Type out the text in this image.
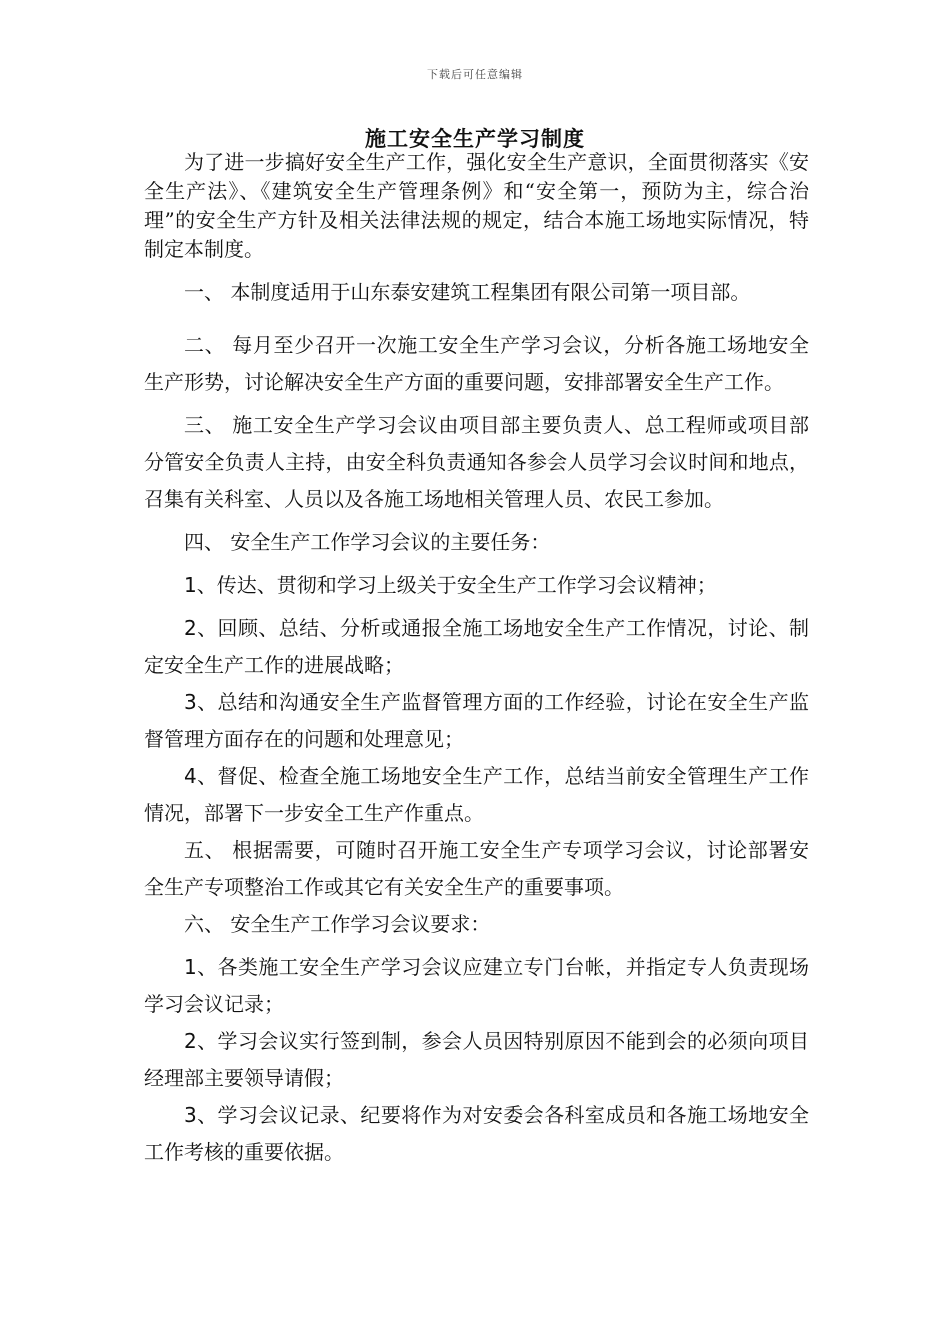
下载后可任意编辑
施工安全生产学习制度

为了进一步搞好安全生产工作，强化安全生产意识，全面贯彻落实《安全生产法》、《建筑安全生产管理条例》和“安全第一，预防为主，综合治理”的安全生产方针及相关法律法规的规定，结合本施工场地实际情况，特制定本制度。

一、 本制度适用于山东泰安建筑工程集团有限公司第一项目部。

二、 每月至少召开一次施工安全生产学习会议，分析各施工场地安全生产形势，讨论解决安全生产方面的重要问题，安排部署安全生产工作。

三、 施工安全生产学习会议由项目部主要负责人、总工程师或项目部分管安全负责人主持，由安全科负责通知各参会人员学习会议时间和地点，召集有关科室、人员以及各施工场地相关管理人员、农民工参加。

四、 安全生产工作学习会议的主要任务：

1、传达、贯彻和学习上级关于安全生产工作学习会议精神；

2、回顾、总结、分析或通报全施工场地安全生产工作情况，讨论、制定安全生产工作的进展战略；

3、总结和沟通安全生产监督管理方面的工作经验，讨论在安全生产监督管理方面存在的问题和处理意见；

4、督促、检查全施工场地安全生产工作，总结当前安全管理生产工作情况，部署下一步安全工生产作重点。

五、 根据需要，可随时召开施工安全生产专项学习会议，讨论部署安全生产专项整治工作或其它有关安全生产的重要事项。

六、 安全生产工作学习会议要求：

1、各类施工安全生产学习会议应建立专门台帐，并指定专人负责现场学习会议记录；

2、学习会议实行签到制，参会人员因特别原因不能到会的必须向项目经理部主要领导请假；

3、学习会议记录、纪要将作为对安委会各科室成员和各施工场地安全工作考核的重要依据。
